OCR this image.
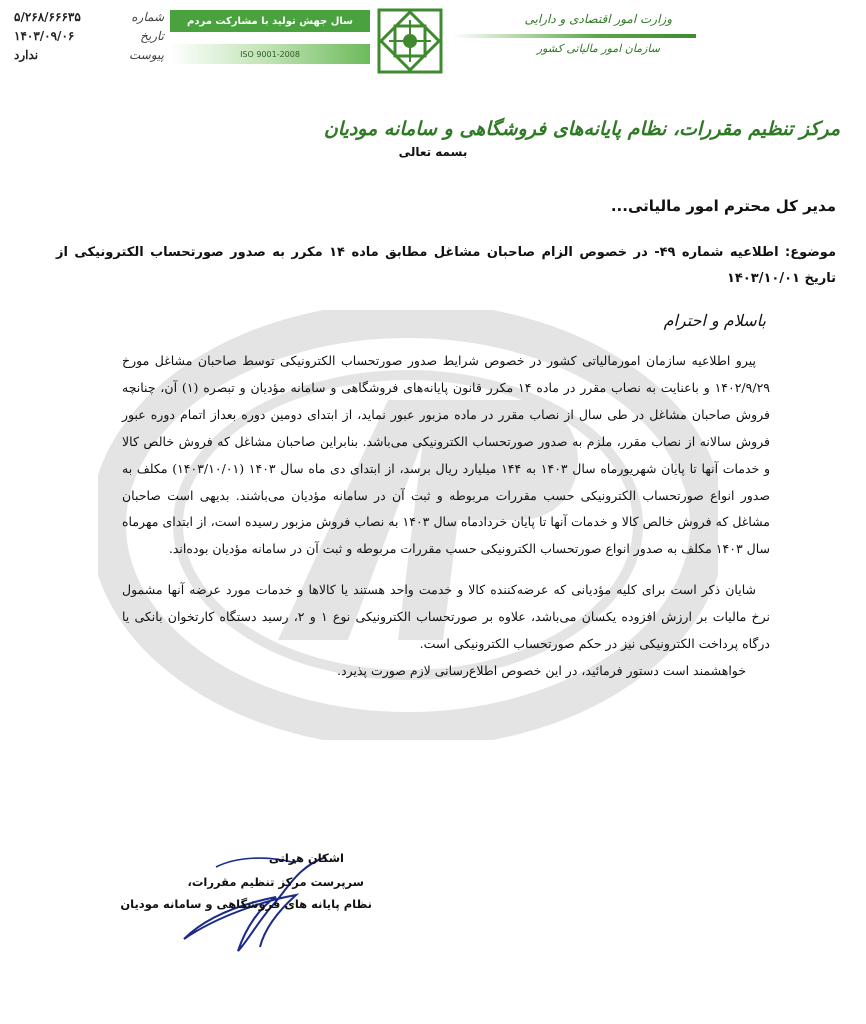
شماره
۵/۲۶۸/۶۶۶۳۵
تاریخ
۱۴۰۳/۰۹/۰۶
پیوست
ندارد
سال جهش تولید با مشارکت مردم
ISO 9001-2008
وزارت امور اقتصادی و دارایی
سازمان امور مالیاتی کشور
مرکز تنظیم مقررات، نظام پایانه‌های فروشگاهی و سامانه مودیان
بسمه تعالی
مدیر کل محترم امور مالیاتی...
موضوع: اطلاعیه شماره ۴۹- در خصوص الزام صاحبان مشاغل مطابق ماده ۱۴ مکرر به صدور صورتحساب الکترونیکی از تاریخ ۱۴۰۳/۱۰/۰۱
باسلام و احترام

پیرو اطلاعیه سازمان امورمالیاتی کشور در خصوص شرایط صدور صورتحساب الکترونیکی توسط صاحبان مشاغل مورخ ۱۴۰۲/۹/۲۹ و باعنایت به نصاب مقرر در ماده ۱۴ مکرر قانون پایانه‌های فروشگاهی و سامانه مؤدیان و تبصره (۱) آن، چنانچه فروش صاحبان مشاغل در طی سال از نصاب مقرر در ماده مزبور عبور نماید، از ابتدای دومین دوره بعداز اتمام دوره عبور فروش سالانه از نصاب مقرر، ملزم به صدور صورتحساب الکترونیکی می‌باشد. بنابراین صاحبان مشاغل که فروش خالص کالا و خدمات آنها تا پایان شهریورماه سال ۱۴۰۳ به ۱۴۴ میلیارد ریال برسد، از ابتدای دی ماه سال ۱۴۰۳ (۱۴۰۳/۱۰/۰۱) مکلف به صدور انواع صورتحساب الکترونیکی حسب مقررات مربوطه و ثبت آن در سامانه مؤدیان می‌باشند. بدیهی است صاحبان مشاغل که فروش خالص کالا و خدمات آنها تا پایان خردادماه سال ۱۴۰۳ به نصاب فروش مزبور رسیده است، از ابتدای مهرماه سال ۱۴۰۳ مکلف به صدور انواع صورتحساب الکترونیکی حسب مقررات مربوطه و ثبت آن در سامانه مؤدیان بوده‌اند.

شایان ذکر است برای کلیه مؤدیانی که عرضه‌کننده کالا و خدمت واحد هستند یا کالاها و خدمات مورد عرضه آنها مشمول نرخ مالیات بر ارزش افزوده یکسان می‌باشد، علاوه بر صورتحساب الکترونیکی نوع ۱ و ۲، رسید دستگاه کارتخوان بانکی یا درگاه پرداخت الکترونیکی نیز در حکم صورتحساب الکترونیکی است.

خواهشمند است دستور فرمائید، در این خصوص اطلاع‌رسانی لازم صورت پذیرد.

اشکان هراتی
سرپرست مرکز تنظیم مقررات،
نظام پایانه های فروشگاهی و سامانه مودیان
